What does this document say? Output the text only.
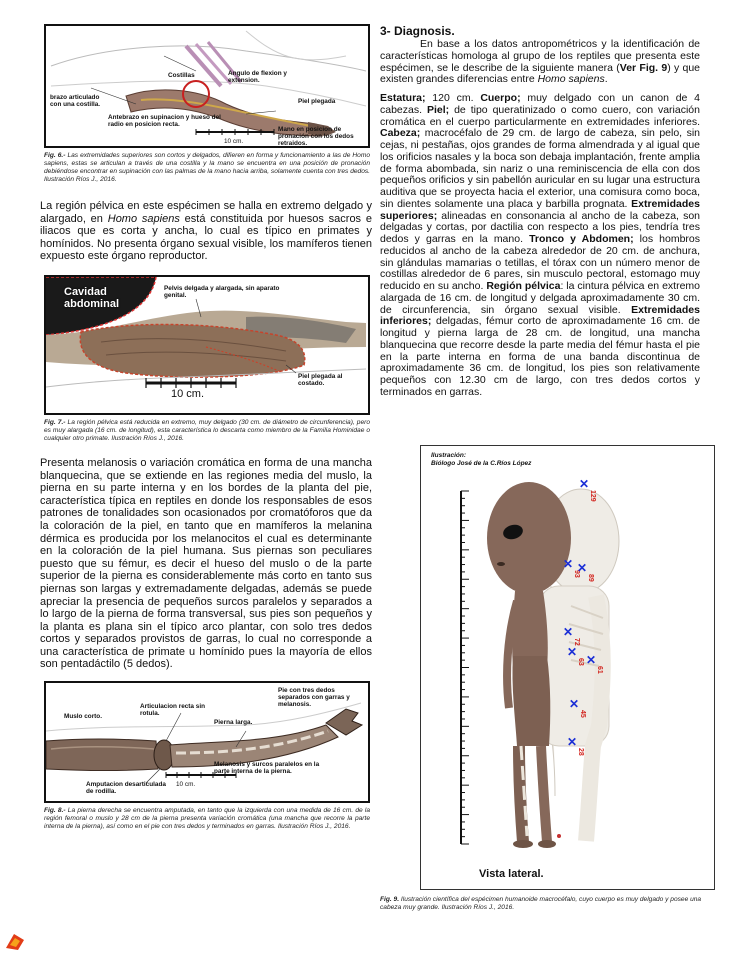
Costillas	Angulo de flexion y extension.
brazo articulado con una costilla.
Antebrazo en supinacion y hueso del radio en posicion recta.
Piel plegada
Mano en posicion de pronación con los dedos retraidos.
10 cm.
Fig. 6.- Las extremidades superiores son cortos y delgados, difieren en forma y funcionamiento a las de Homo sapiens, estas se articulan a través de una costilla y la mano se encuentra en una posición de pronación debiéndose encontrar en supinación con las palmas de la mano hacia arriba, solamente cuenta con tres dedos. Ilustración Ríos J., 2016.

La región pélvica en este espécimen se halla en extremo delgado y alargado, en Homo sapiens está constituida por huesos sacros e iliacos que es corta y ancha, lo cual es típico en primates y homínidos. No presenta órgano sexual visible, los mamíferos tienen expuesto este órgano reproductor.

Cavidad abdominal
Pelvis delgada y alargada, sin aparato genital.
Piel plegada al costado.
10 cm.
Fig. 7.- La región pélvica está reducida en extremo, muy delgado (30 cm. de diámetro de circunferencia), pero es muy alargada (16 cm. de longitud), esta característica lo descarta como miembro de la Familia Hominidae o cualquier otro primate. Ilustración Ríos J., 2016.

Presenta melanosis o variación cromática en forma de una mancha blanquecina, que se extiende en las regiones media del muslo, la pierna en su parte interna y en los bordes de la planta del pie, característica típica en reptiles en donde los responsables de esos patrones de tonalidades son ocasionados por cromatóforos que da la coloración de la piel, en tanto que en mamíferos la melanina dérmica es producida por los melanocitos el cual es determinante en la coloración de la piel humana. Sus piernas son peculiares puesto que su fémur, es decir el hueso del muslo o de la parte superior de la pierna es considerablemente más corto en tanto sus piernas son largas y extremadamente delgadas, además se puede apreciar la presencia de pequeños surcos paralelos y separados a lo largo de la pierna de forma transversal, sus pies son pequeños y la planta es plana sin el típico arco plantar, con solo tres dedos cortos y separados provistos de garras, lo cual no corresponde a una característica de primate u homínido pues la mayoría de ellos son pentadáctilo (5 dedos).

Muslo corto.
Articulacion recta sin rotula.
Pierna larga.
Pie con tres dedos separados con garras y melanosis.
Amputacion desarticulada de rodilla.
Melanosis y surcos paralelos en la parte interna de la pierna.
10 cm.
Fig. 8.- La pierna derecha se encuentra amputada, en tanto que la izquierda con una medida de 16 cm. de la región femoral o muslo y 28 cm de la pierna presenta variación cromática (una mancha que recorre la parte interna de la pierna), así como en el pie con tres dedos y terminados en garras. Ilustración Ríos J., 2016.
3- Diagnosis.

En base a los datos antropométricos y la identificación de características homologa al grupo de los reptiles que presenta este espécimen, se le describe de la siguiente manera (Ver Fig. 9) y que existen grandes diferencias entre Homo sapiens.

Estatura; 120 cm. Cuerpo; muy delgado con un canon de 4 cabezas. Piel; de tipo queratinizado o como cuero, con variación cromática en el cuerpo particularmente en extremidades inferiores. Cabeza; macrocéfalo de 29 cm. de largo de cabeza, sin pelo, sin cejas, ni pestañas, ojos grandes de forma almendrada y al igual que los orificios nasales y la boca son debaja implantación, frente amplia de forma abombada, sin nariz o una reminiscencia de ella con dos pequeños orificios y sin pabellón auricular en su lugar una estructura auditiva que se proyecta hacia el exterior, una comisura como boca, sin dientes solamente una placa y barbilla prognata. Extremidades superiores; alineadas en consonancia al ancho de la cabeza, son delgadas y cortas, por dactilia con respecto a los pies, tendría tres dedos y garras en la mano. Tronco y Abdomen; los hombros reducidos al ancho de la cabeza alrededor de 20 cm. de anchura, sin glándulas mamarias o tetillas, el tórax con un número menor de costillas alrededor de 6 pares, sin musculo pectoral, estomago muy reducido en su ancho. Región pélvica: la cintura pélvica en extremo alargada de 16 cm. de longitud y delgada aproximadamente 30 cm. de circunferencia, sin órgano sexual visible. Extremidades inferiores; delgadas, fémur corto de aproximadamente 16 cm. de longitud y pierna larga de 28 cm. de longitud, una mancha blanquecina que recorre desde la parte media del fémur hasta el pie en la parte interna en forma de una banda discontinua de aproximadamente 36 cm. de longitud, los pies son relativamente pequeños con 12.30 cm de largo, con tres dedos cortos y terminados en garras.

Ilustración:
Biólogo José de la C.Ríos López
✕
129
✕
93
✕
89
✕
72
✕
63 ✕
61
✕
45
✕
28
Vista lateral.
Fig. 9. Ilustración científica del espécimen humanoide macrocéfalo, cuyo cuerpo es muy delgado y posee una cabeza muy grande. Ilustración Ríos J., 2016.
